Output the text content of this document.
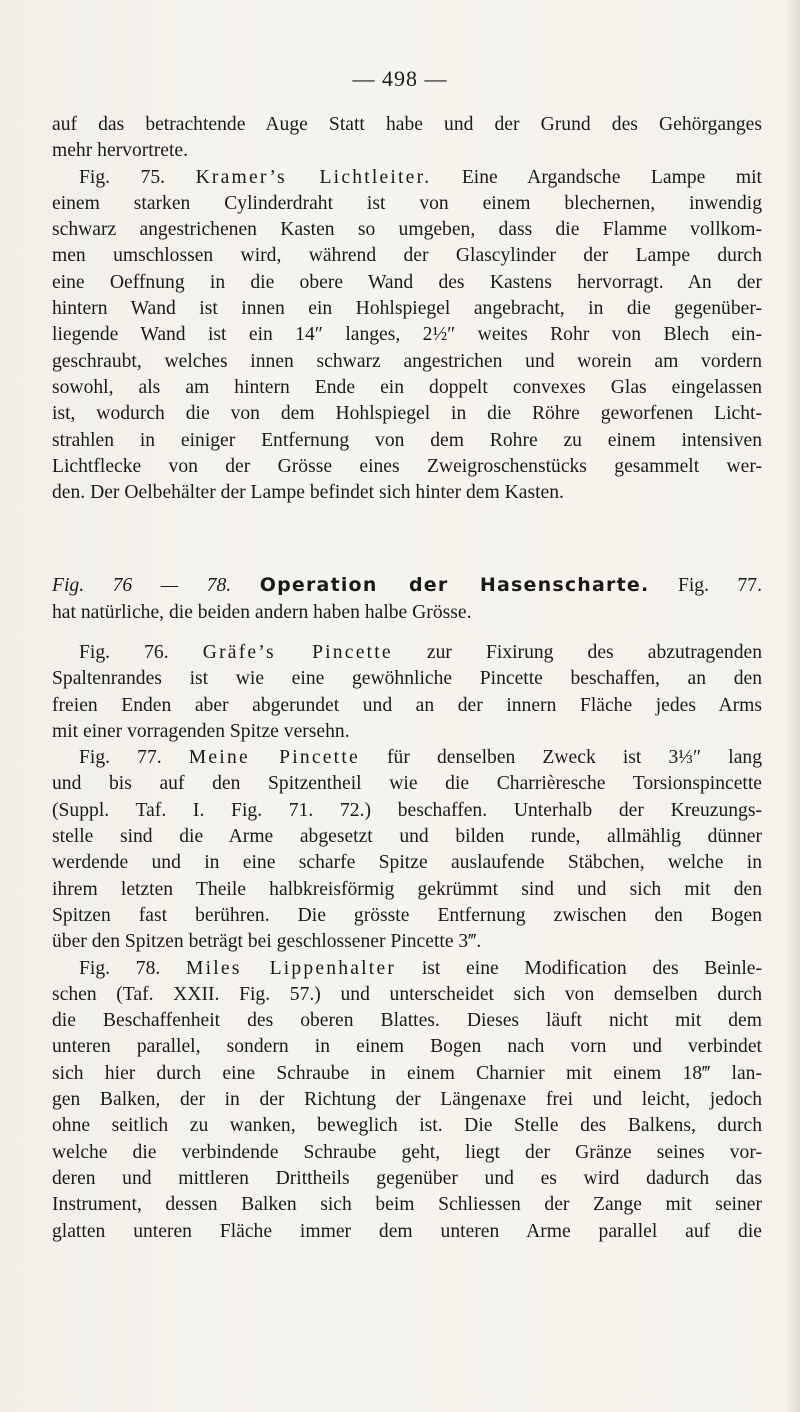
— 498 —
auf das betrachtende Auge Statt habe und der Grund des Gehörganges
mehr hervortrete.
Fig. 75. Kramer’s Lichtleiter. Eine Argandsche Lampe mit
einem starken Cylinderdraht ist von einem blechernen, inwendig
schwarz angestrichenen Kasten so umgeben, dass die Flamme vollkom-
men umschlossen wird, während der Glascylinder der Lampe durch
eine Oeffnung in die obere Wand des Kastens hervorragt. An der
hintern Wand ist innen ein Hohlspiegel angebracht, in die gegenüber-
liegende Wand ist ein 14″ langes, 2½″ weites Rohr von Blech ein-
geschraubt, welches innen schwarz angestrichen und worein am vordern
sowohl, als am hintern Ende ein doppelt convexes Glas eingelassen
ist, wodurch die von dem Hohlspiegel in die Röhre geworfenen Licht-
strahlen in einiger Entfernung von dem Rohre zu einem intensiven
Lichtflecke von der Grösse eines Zweigroschenstücks gesammelt wer-
den. Der Oelbehälter der Lampe befindet sich hinter dem Kasten.
Fig. 76 — 78. Operation der Hasenscharte. Fig. 77.
hat natürliche, die beiden andern haben halbe Grösse.
Fig. 76. Gräfe’s Pincette zur Fixirung des abzutragenden
Spaltenrandes ist wie eine gewöhnliche Pincette beschaffen, an den
freien Enden aber abgerundet und an der innern Fläche jedes Arms
mit einer vorragenden Spitze versehn.
Fig. 77. Meine Pincette für denselben Zweck ist 3⅓″ lang
und bis auf den Spitzentheil wie die Charrièresche Torsionspincette
(Suppl. Taf. I. Fig. 71. 72.) beschaffen. Unterhalb der Kreuzungs-
stelle sind die Arme abgesetzt und bilden runde, allmählig dünner
werdende und in eine scharfe Spitze auslaufende Stäbchen, welche in
ihrem letzten Theile halbkreisförmig gekrümmt sind und sich mit den
Spitzen fast berühren. Die grösste Entfernung zwischen den Bogen
über den Spitzen beträgt bei geschlossener Pincette 3‴.
Fig. 78. Miles Lippenhalter ist eine Modification des Beinle-
schen (Taf. XXII. Fig. 57.) und unterscheidet sich von demselben durch
die Beschaffenheit des oberen Blattes. Dieses läuft nicht mit dem
unteren parallel, sondern in einem Bogen nach vorn und verbindet
sich hier durch eine Schraube in einem Charnier mit einem 18‴ lan-
gen Balken, der in der Richtung der Längenaxe frei und leicht, jedoch
ohne seitlich zu wanken, beweglich ist. Die Stelle des Balkens, durch
welche die verbindende Schraube geht, liegt der Gränze seines vor-
deren und mittleren Drittheils gegenüber und es wird dadurch das
Instrument, dessen Balken sich beim Schliessen der Zange mit seiner
glatten unteren Fläche immer dem unteren Arme parallel auf die
